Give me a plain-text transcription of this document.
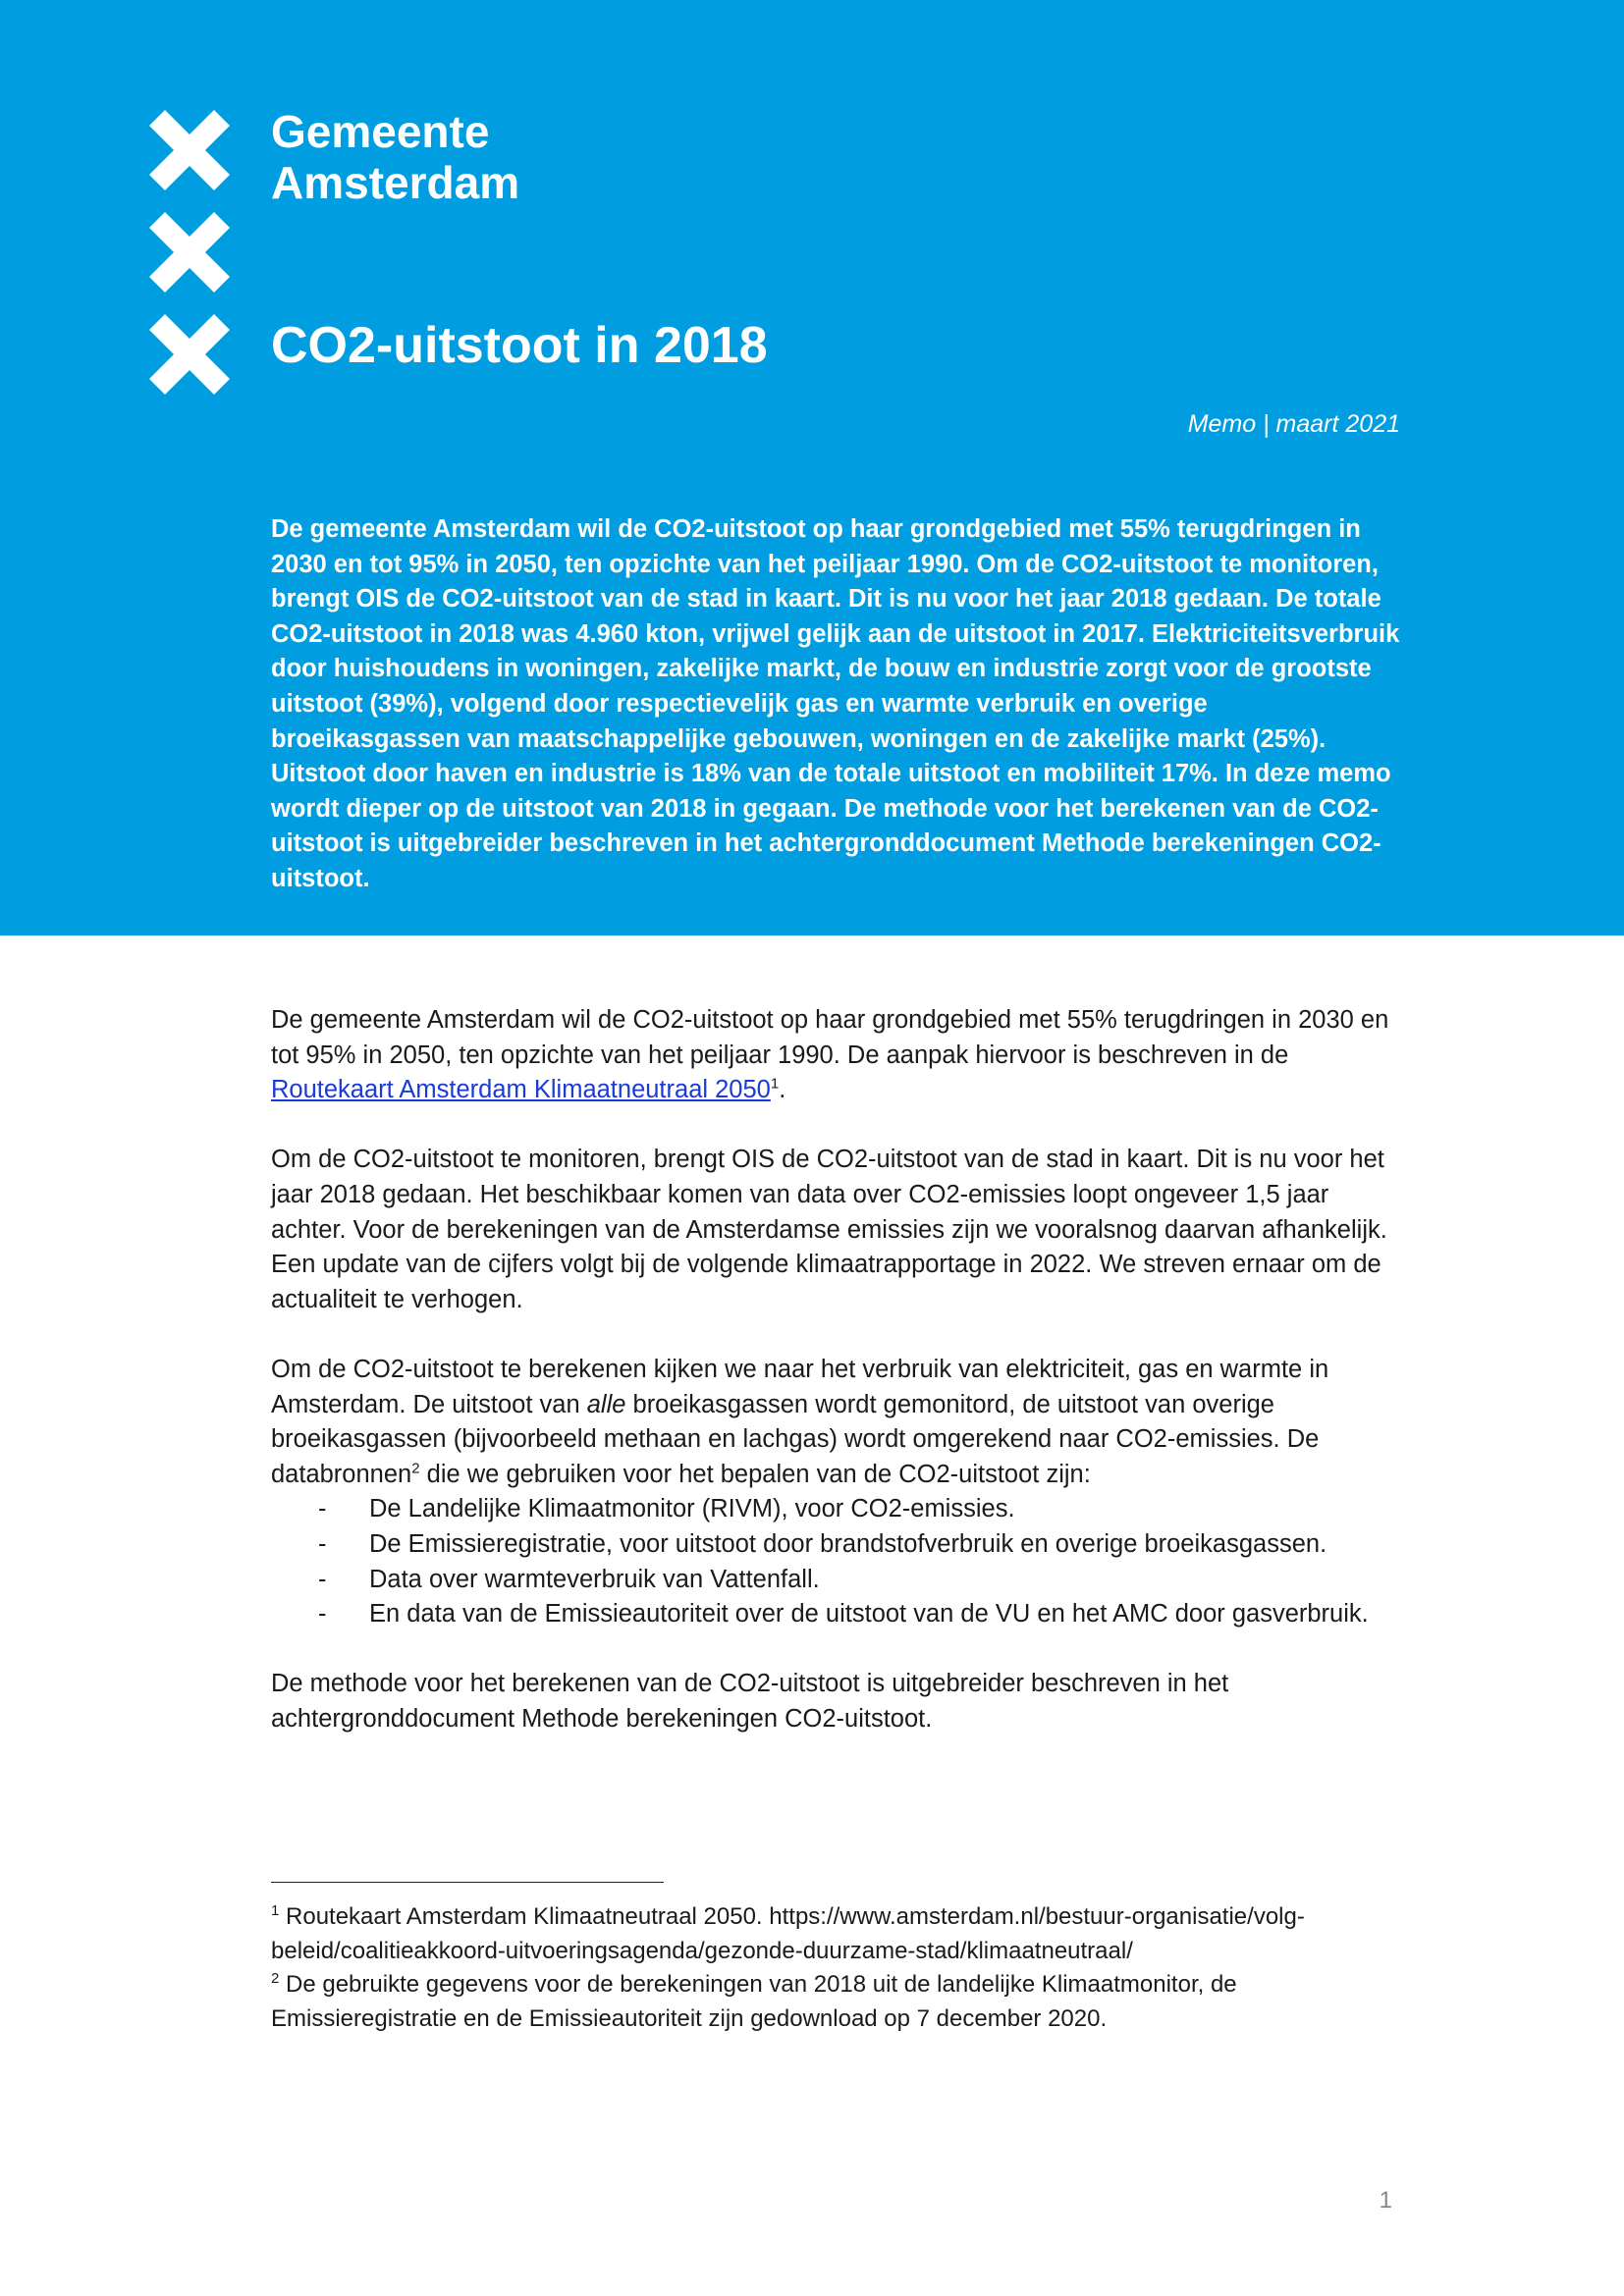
Gemeente
Amsterdam
CO2-uitstoot in 2018
Memo | maart 2021

De gemeente Amsterdam wil de CO2-uitstoot op haar grondgebied met 55% terugdringen in 2030 en tot 95% in 2050, ten opzichte van het peiljaar 1990. Om de CO2-uitstoot te monitoren, brengt OIS de CO2-uitstoot van de stad in kaart. Dit is nu voor het jaar 2018 gedaan. De totale CO2-uitstoot in 2018 was 4.960 kton, vrijwel gelijk aan de uitstoot in 2017. Elektriciteitsverbruik door huishoudens in woningen, zakelijke markt, de bouw en industrie zorgt voor de grootste uitstoot (39%), volgend door respectievelijk gas en warmte verbruik en overige broeikasgassen van maatschappelijke gebouwen, woningen en de zakelijke markt (25%). Uitstoot door haven en industrie is 18% van de totale uitstoot en mobiliteit 17%. In deze memo wordt dieper op de uitstoot van 2018 in gegaan. De methode voor het berekenen van de CO2-uitstoot is uitgebreider beschreven in het achtergronddocument Methode berekeningen CO2-uitstoot.

De gemeente Amsterdam wil de CO2-uitstoot op haar grondgebied met 55% terugdringen in 2030 en tot 95% in 2050, ten opzichte van het peiljaar 1990. De aanpak hiervoor is beschreven in de Routekaart Amsterdam Klimaatneutraal 2050$^1$.

Om de CO2-uitstoot te monitoren, brengt OIS de CO2-uitstoot van de stad in kaart. Dit is nu voor het jaar 2018 gedaan. Het beschikbaar komen van data over CO2-emissies loopt ongeveer 1,5 jaar achter. Voor de berekeningen van de Amsterdamse emissies zijn we vooralsnog daarvan afhankelijk. Een update van de cijfers volgt bij de volgende klimaatrapportage in 2022. We streven ernaar om de actualiteit te verhogen.

Om de CO2-uitstoot te berekenen kijken we naar het verbruik van elektriciteit, gas en warmte in Amsterdam. De uitstoot van alle broeikasgassen wordt gemonitord, de uitstoot van overige broeikasgassen (bijvoorbeeld methaan en lachgas) wordt omgerekend naar CO2-emissies. De databronnen$^2$ die we gebruiken voor het bepalen van de CO2-uitstoot zijn:
- De Landelijke Klimaatmonitor (RIVM), voor CO2-emissies.
- De Emissieregistratie, voor uitstoot door brandstofverbruik en overige broeikasgassen.
- Data over warmteverbruik van Vattenfall.
- En data van de Emissieautoriteit over de uitstoot van de VU en het AMC door gasverbruik.

De methode voor het berekenen van de CO2-uitstoot is uitgebreider beschreven in het achtergronddocument Methode berekeningen CO2-uitstoot.

$^1$ Routekaart Amsterdam Klimaatneutraal 2050. https://www.amsterdam.nl/bestuur-organisatie/volg-beleid/coalitieakkoord-uitvoeringsagenda/gezonde-duurzame-stad/klimaatneutraal/

$^2$ De gebruikte gegevens voor de berekeningen van 2018 uit de landelijke Klimaatmonitor, de Emissieregistratie en de Emissieautoriteit zijn gedownload op 7 december 2020.

1
